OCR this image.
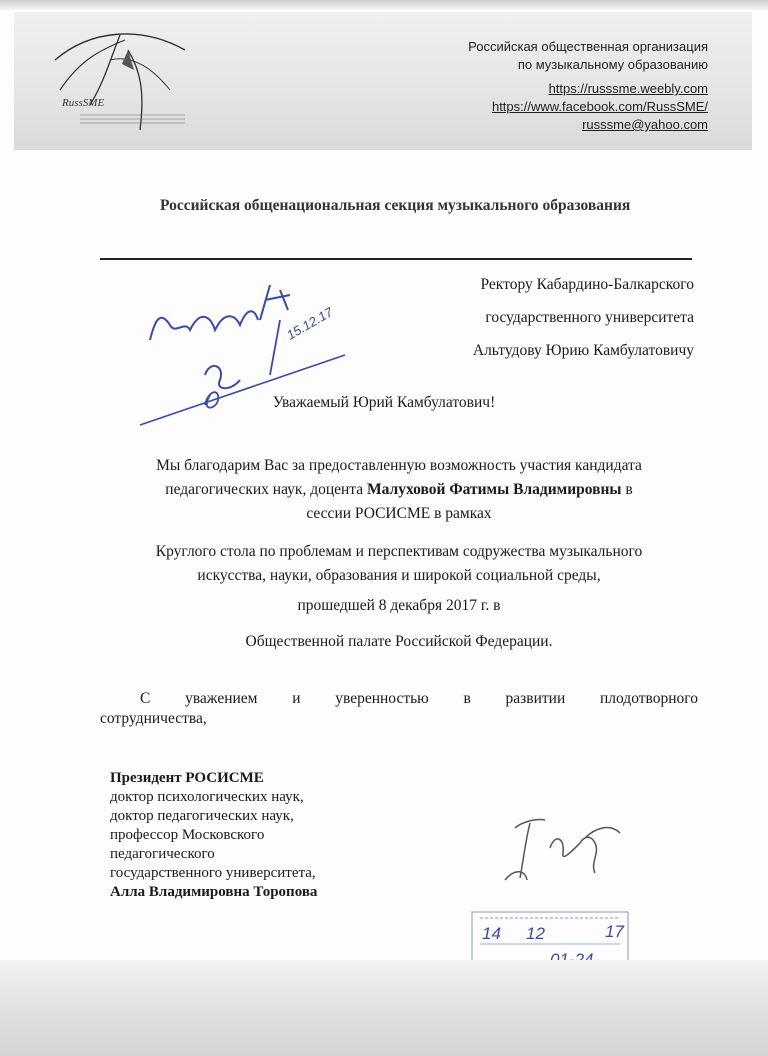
RussSME
Российская общественная организация
по музыкальному образованию
https://russsme.weebly.com
https://www.facebook.com/RussSME/
russsme@yahoo.com
Российская общенациональная секция музыкального образования
Ректору Кабардино-Балкарского
государственного университета
Альтудову Юрию Камбулатовичу
15.12.17
Уважаемый Юрий Камбулатович!
Мы благодарим Вас за предоставленную возможность участия кандидата
педагогических наук, доцента Малуховой Фатимы Владимировны в
сессии РОСИСМЕ в рамках
Круглого стола по проблемам и перспективам содружества музыкального
искусства, науки, образования и широкой социальной среды,
прошедшей 8 декабря 2017 г. в
Общественной палате Российской Федерации.
С уважением и уверенностью в развитии плодотворного
сотрудничества,
Президент РОСИСМЕ
доктор психологических наук,
доктор педагогических наук,
профессор Московского
педагогического
государственного университета,
Алла Владимировна Торопова
14 12	17
